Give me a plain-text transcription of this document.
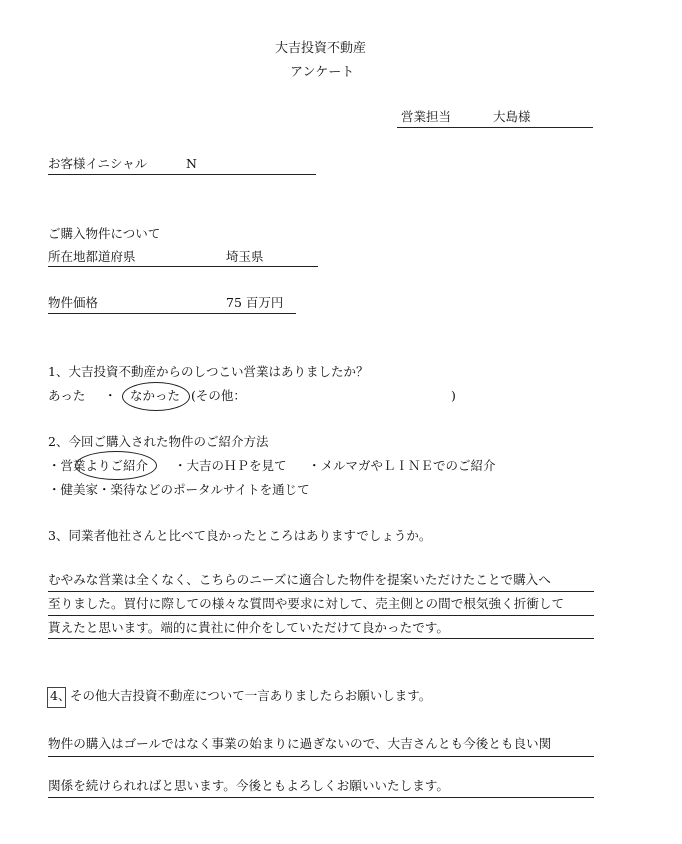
大吉投資不動産
アンケート
営業担当	大島様
お客様イニシャル	N
ご購入物件について
所在地都道府県	埼玉県
物件価格	75 百万円
1、大吉投資不動産からのしつこい営業はありましたか？
あった ・ なかった (その他：	)
2、今回ご購入された物件のご紹介方法
・営業よりご紹介 ・大吉のＨＰを見て ・メルマガやＬＩＮＥでのご紹介
・健美家・楽待などのポータルサイトを通じて
3、同業者他社さんと比べて良かったところはありますでしょうか。
むやみな営業は全くなく、こちらのニーズに適合した物件を提案いただけたことで購入へ
至りました。買付に際しての様々な質問や要求に対して、売主側との間で根気強く折衝して
貰えたと思います。端的に貴社に仲介をしていただけて良かったです。
4、 その他大吉投資不動産について一言ありましたらお願いします。
物件の購入はゴールではなく事業の始まりに過ぎないので、大吉さんとも今後とも良い関
関係を続けられればと思います。今後ともよろしくお願いいたします。
